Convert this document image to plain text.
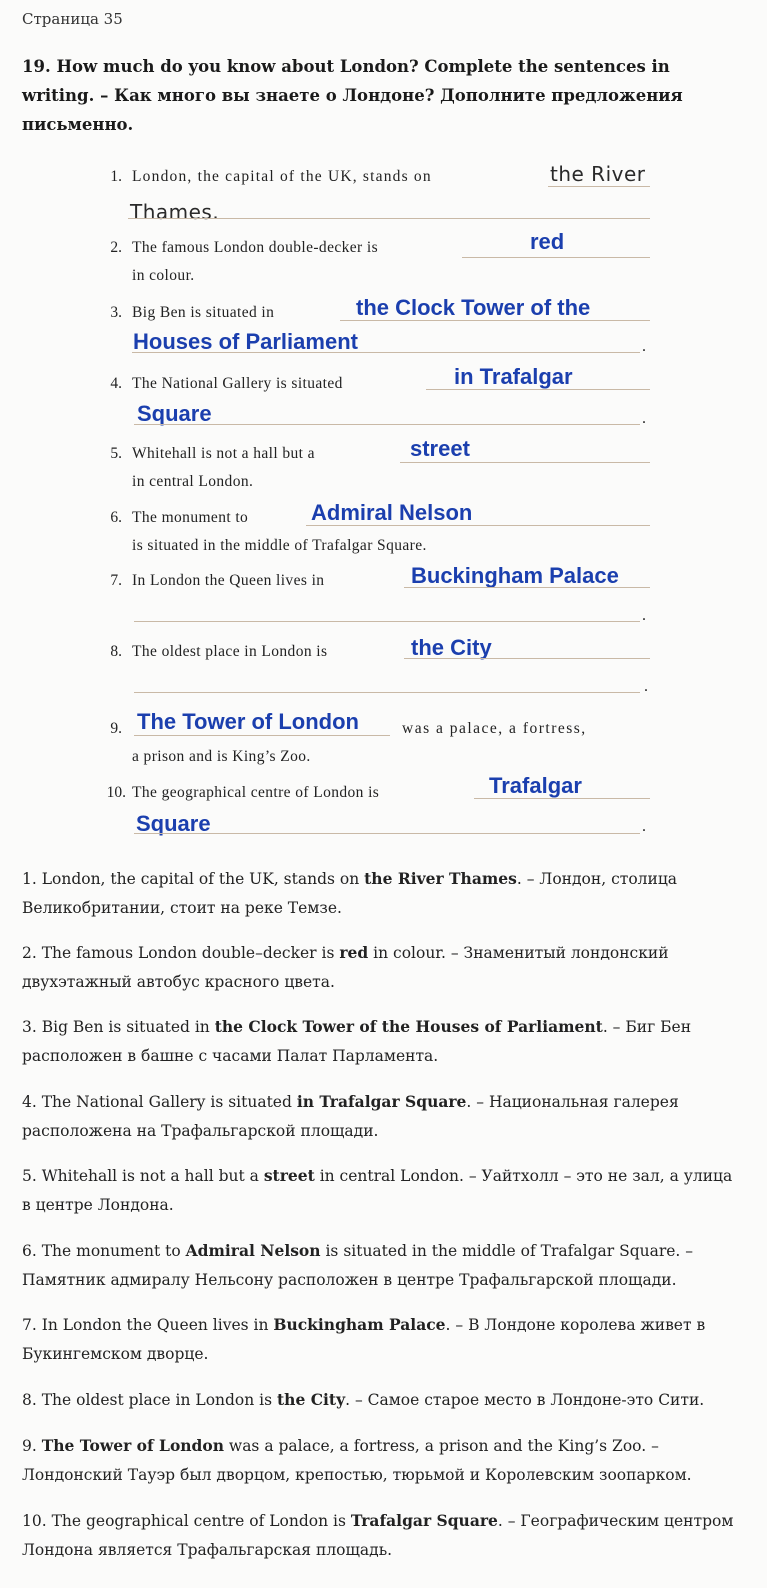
Страница 35
19. How much do you know about London? Complete the sentences in writing. – Как много вы знаете о Лондоне? Дополните предложения письменно.
1. London, the capital of the UK, stands on	the River
Thames.
2. The famous London double-decker is	red
in colour.
3. Big Ben is situated in	the Clock Tower of the
Houses of Parliament	.
4. The National Gallery is situated	in Trafalgar
Square	.
5. Whitehall is not a hall but a	street
in central London.
6. The monument to	Admiral Nelson
is situated in the middle of Trafalgar Square.
7. In London the Queen lives in	Buckingham Palace
.
8. The oldest place in London is	the City
.
9. The Tower of London	was a palace, a fortress,
a prison and is King’s Zoo.
10. The geographical centre of London is	Trafalgar
Square	.
1. London, the capital of the UK, stands on the River Thames. – Лондон, столица Великобритании, стоит на реке Темзе.
2. The famous London double–decker is red in colour. – Знаменитый лондонский двухэтажный автобус красного цвета.
3. Big Ben is situated in the Clock Tower of the Houses of Parliament. – Биг Бен расположен в башне с часами Палат Парламента.
4. The National Gallery is situated in Trafalgar Square. – Национальная галерея расположена на Трафальгарской площади.
5. Whitehall is not a hall but a street in central London. – Уайтхолл – это не зал, а улица в центре Лондона.
6. The monument to Admiral Nelson is situated in the middle of Trafalgar Square. – Памятник адмиралу Нельсону расположен в центре Трафальгарской площади.
7. In London the Queen lives in Buckingham Palace. – В Лондоне королева живет в Букингемском дворце.
8. The oldest place in London is the City. – Самое старое место в Лондоне-это Сити.
9. The Tower of London was a palace, a fortress, a prison and the King’s Zoo. – Лондонский Тауэр был дворцом, крепостью, тюрьмой и Королевским зоопарком.
10. The geographical centre of London is Trafalgar Square. – Географическим центром Лондона является Трафальгарская площадь.
